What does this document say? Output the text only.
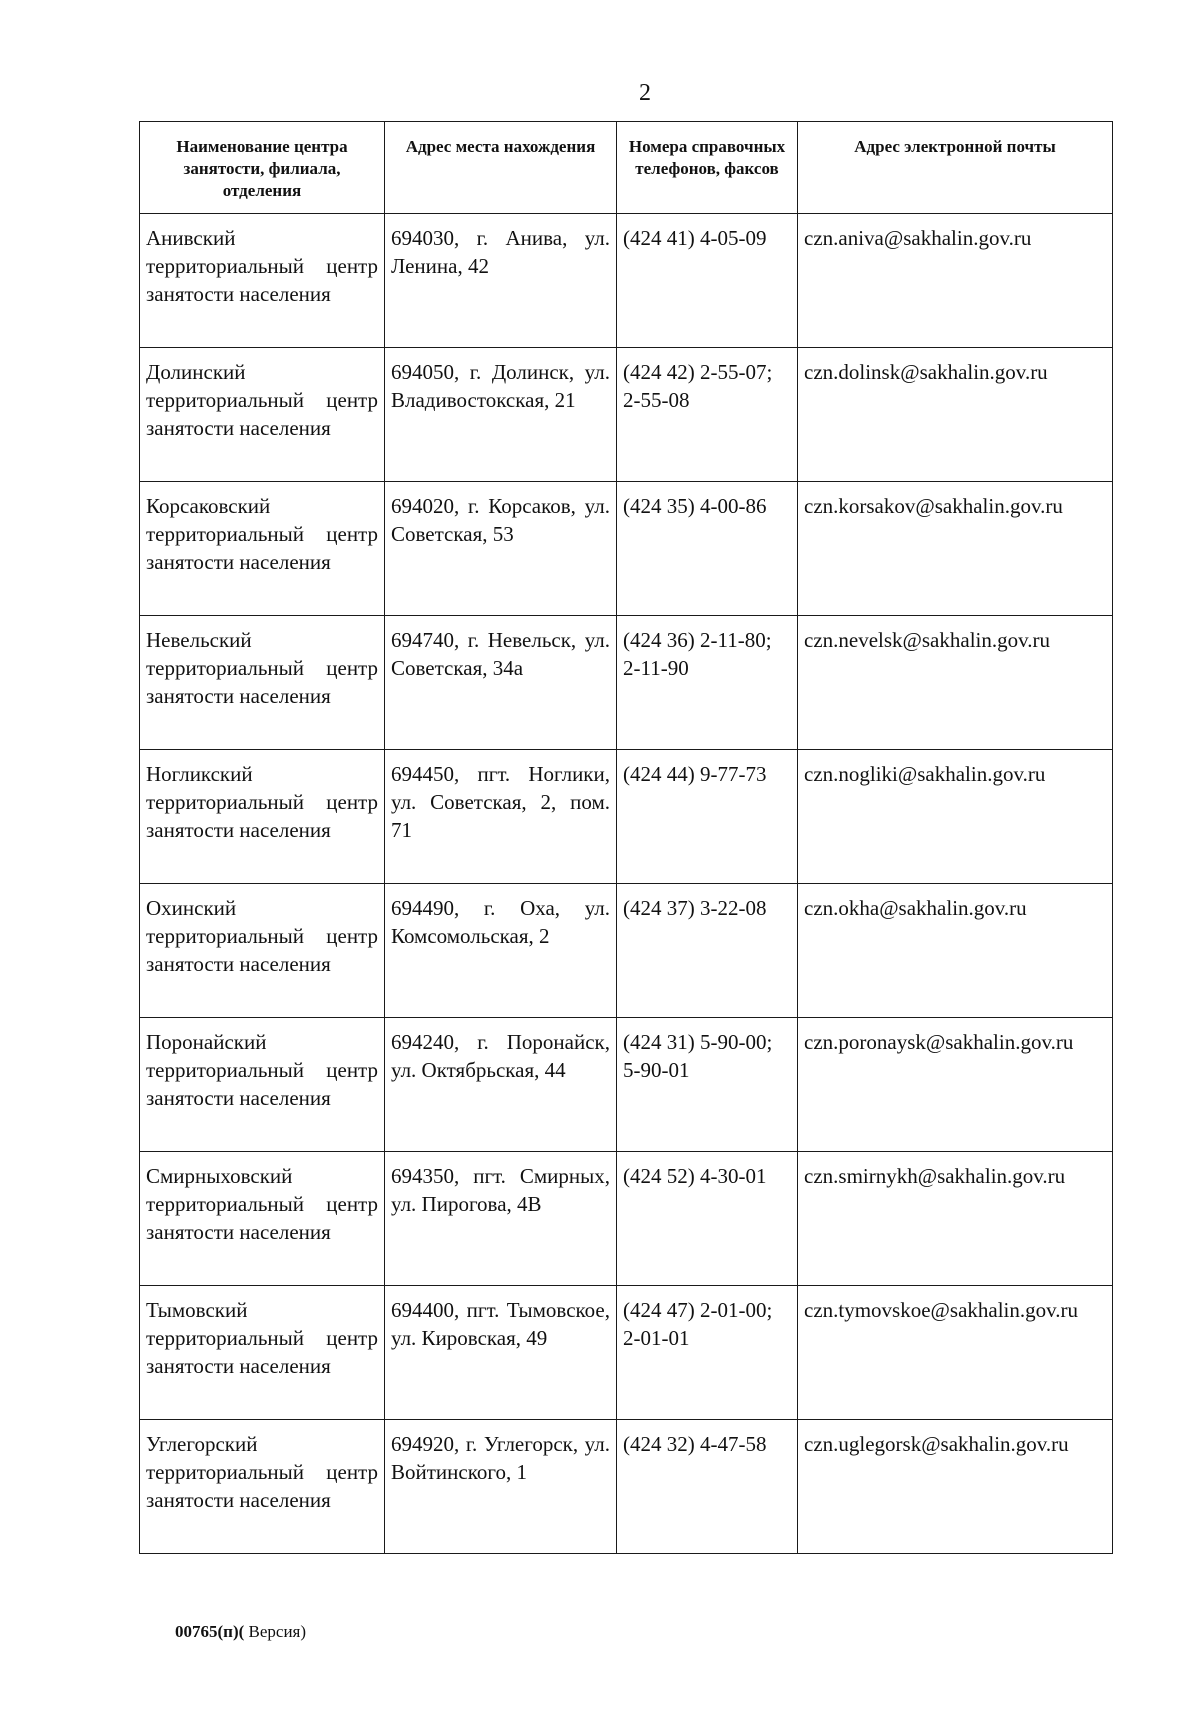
2
Наименование центра занятости, филиала, отделения	Адрес места нахождения	Номера справочных телефонов, факсов	Адрес электронной почты
Анивский территориальный центр занятости населения	694030, г. Анива, ул. Ленина, 42	(424 41) 4-05-09	czn.aniva@sakhalin.gov.ru
Долинский территориальный центр занятости населения	694050, г. Долинск, ул. Владивостокская, 21	(424 42) 2-55-07; 2-55-08	czn.dolinsk@sakhalin.gov.ru
Корсаковский территориальный центр занятости населения	694020, г. Корсаков, ул. Советская, 53	(424 35) 4-00-86	czn.korsakov@sakhalin.gov.ru
Невельский территориальный центр занятости населения	694740, г. Невельск, ул. Советская, 34а	(424 36) 2-11-80; 2-11-90	czn.nevelsk@sakhalin.gov.ru
Ногликский территориальный центр занятости населения	694450, пгт. Ноглики, ул. Советская, 2, пом. 71	(424 44) 9-77-73	czn.nogliki@sakhalin.gov.ru
Охинский территориальный центр занятости населения	694490, г. Оха, ул. Комсомольская, 2	(424 37) 3-22-08	czn.okha@sakhalin.gov.ru
Поронайский территориальный центр занятости населения	694240, г. Поронайск, ул. Октябрьская, 44	(424 31) 5-90-00; 5-90-01	czn.poronaysk@sakhalin.gov.ru
Смирныховский территориальный центр занятости населения	694350, пгт. Смирных, ул. Пирогова, 4В	(424 52) 4-30-01	czn.smirnykh@sakhalin.gov.ru
Тымовский территориальный центр занятости населения	694400, пгт. Тымовское, ул. Кировская, 49	(424 47) 2-01-00; 2-01-01	czn.tymovskoe@sakhalin.gov.ru
Углегорский территориальный центр занятости населения	694920, г. Углегорск, ул. Войтинского, 1	(424 32) 4-47-58	czn.uglegorsk@sakhalin.gov.ru
00765(п)( Версия)
